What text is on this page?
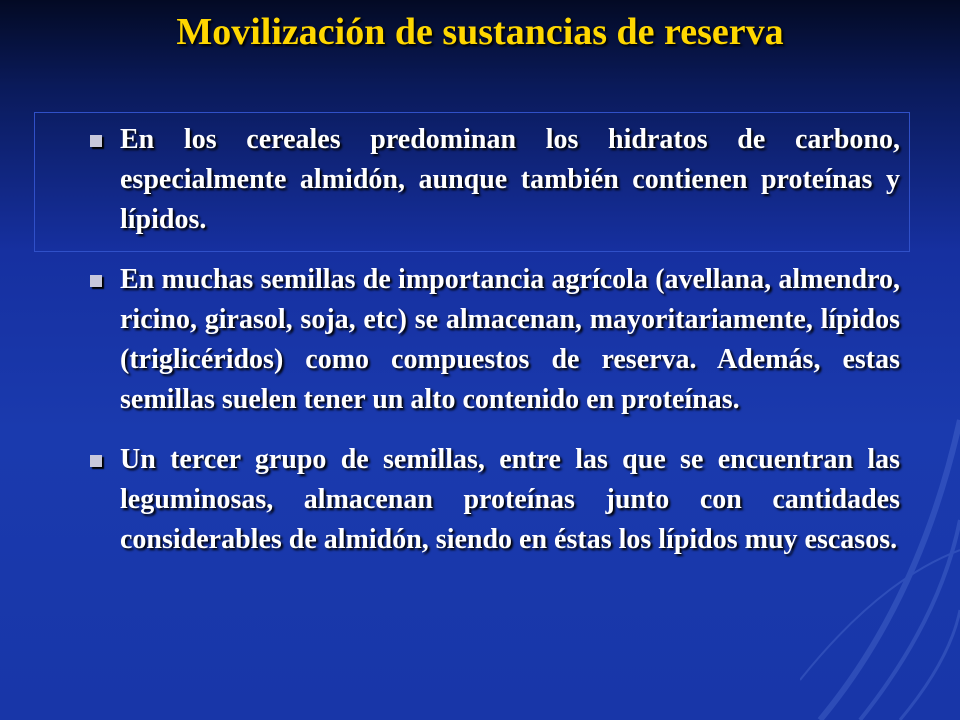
Movilización de sustancias de reserva
En los cereales predominan los hidratos de carbono, especialmente almidón, aunque también contienen proteínas y lípidos.
En muchas semillas de importancia agrícola (avellana, almendro, ricino, girasol, soja, etc) se almacenan, mayoritariamente, lípidos (triglicéridos) como compuestos de reserva. Además, estas semillas suelen tener un alto contenido en proteínas.
Un tercer grupo de semillas, entre las que se encuentran las leguminosas, almacenan proteínas junto con cantidades considerables de almidón, siendo en éstas los lípidos muy escasos.
